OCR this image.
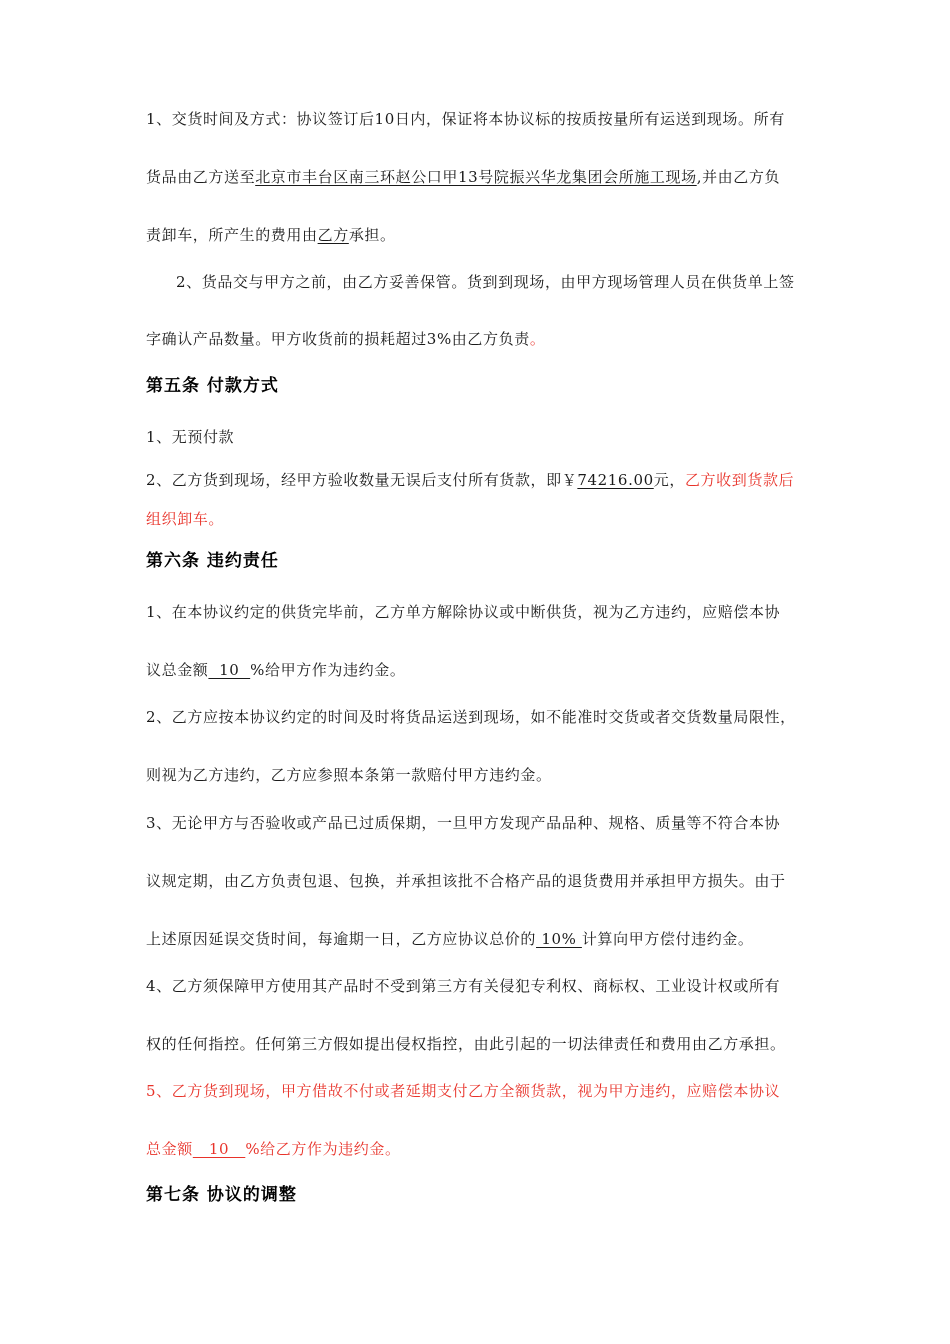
1、交货时间及方式：协议签订后10日内，保证将本协议标的按质按量所有运送到现场。所有
货品由乙方送至北京市丰台区南三环赵公口甲13号院振兴华龙集团会所施工现场,并由乙方负
责卸车，所产生的费用由乙方承担。
2、货品交与甲方之前，由乙方妥善保管。货到到现场，由甲方现场管理人员在供货单上签
字确认产品数量。甲方收货前的损耗超过3%由乙方负责。
第五条 付款方式
1、无预付款
2、乙方货到现场，经甲方验收数量无误后支付所有货款，即￥74216.00元，乙方收到货款后
组织卸车。
第六条 违约责任
1、在本协议约定的供货完毕前，乙方单方解除协议或中断供货，视为乙方违约，应赔偿本协
议总金额  10  %给甲方作为违约金。
2、乙方应按本协议约定的时间及时将货品运送到现场，如不能准时交货或者交货数量局限性，
则视为乙方违约，乙方应参照本条第一款赔付甲方违约金。
3、无论甲方与否验收或产品已过质保期，一旦甲方发现产品品种、规格、质量等不符合本协
议规定期，由乙方负责包退、包换，并承担该批不合格产品的退货费用并承担甲方损失。由于
上述原因延误交货时间，每逾期一日，乙方应协议总价的 10% 计算向甲方偿付违约金。
4、乙方须保障甲方使用其产品时不受到第三方有关侵犯专利权、商标权、工业设计权或所有
权的任何指控。任何第三方假如提出侵权指控，由此引起的一切法律责任和费用由乙方承担。
5、乙方货到现场，甲方借故不付或者延期支付乙方全额货款，视为甲方违约，应赔偿本协议
总金额   10   %给乙方作为违约金。
第七条 协议的调整
